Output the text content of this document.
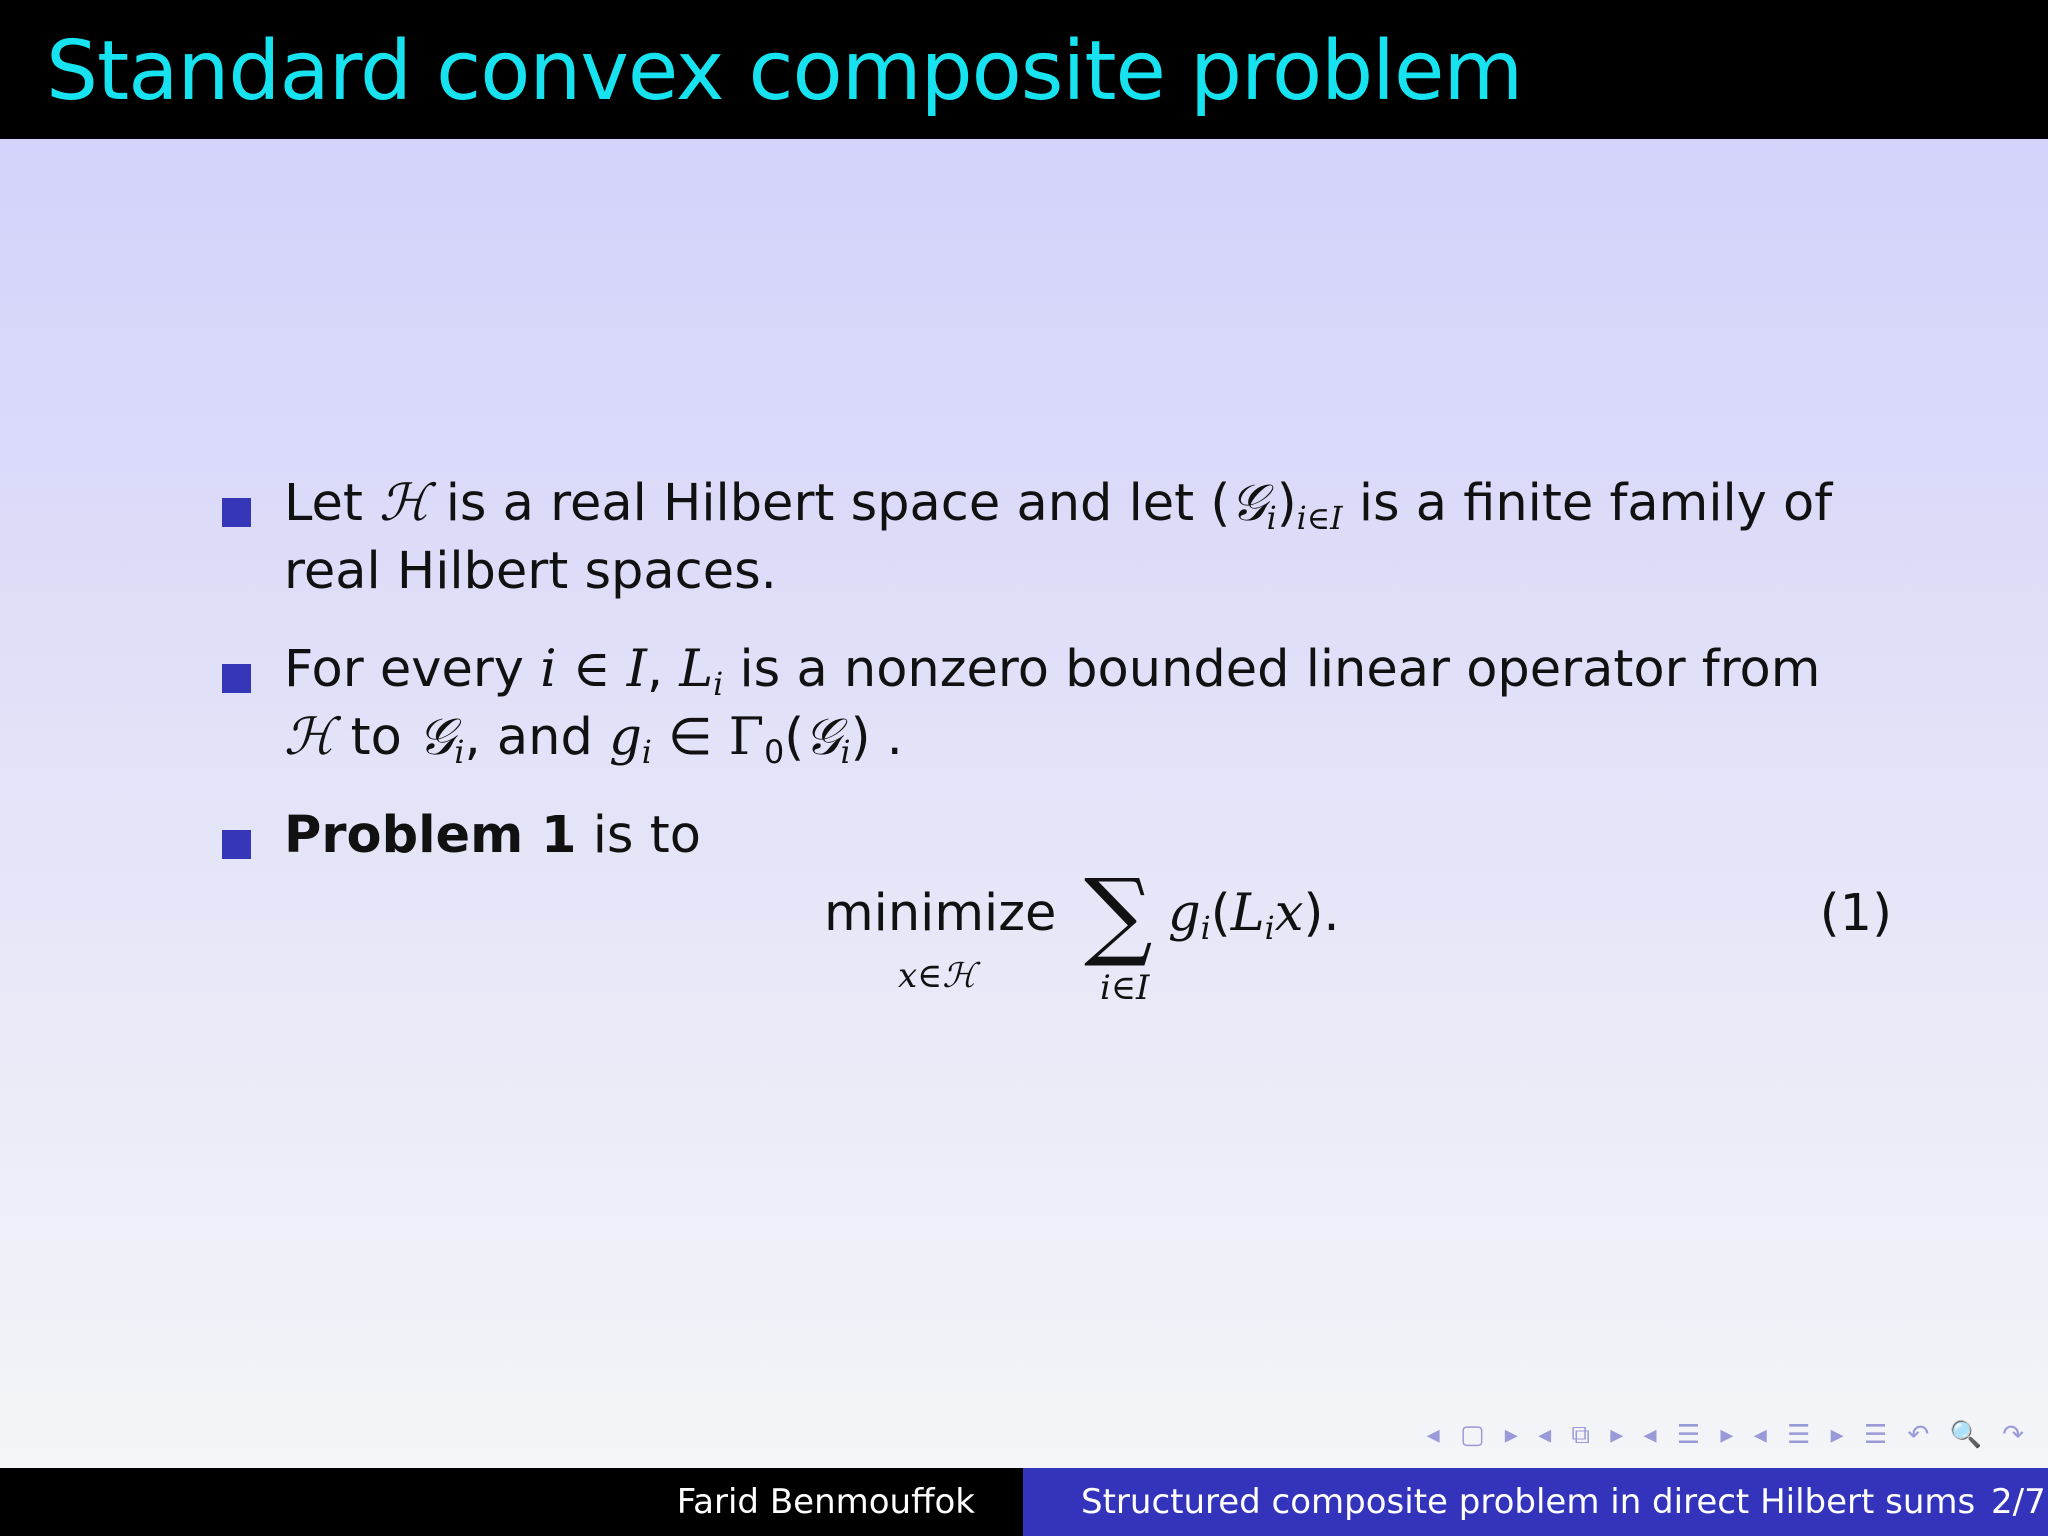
Standard convex composite problem
Let ℋ is a real Hilbert space and let $(𝒢_i)_{i\in I}$ is a finite family of
real Hilbert spaces.
For every i ∈ I, $L_i$ is a nonzero bounded linear operator from
ℋ to 𝒢$_i$, and $g_i$ ∈ $\Gamma_0(𝒢_i)$ .
Problem 1 is to
minimize
x∈ℋ
∑
i∈I
$g_i(L_ix)$.	(1)
◂ ▢ ▸ ◂ ⧉ ▸ ◂ ☰ ▸ ◂ ☰ ▸ ☰ ↶ 🔍 ↷
Farid Benmouffok	Structured composite problem in direct Hilbert sums 2/7
